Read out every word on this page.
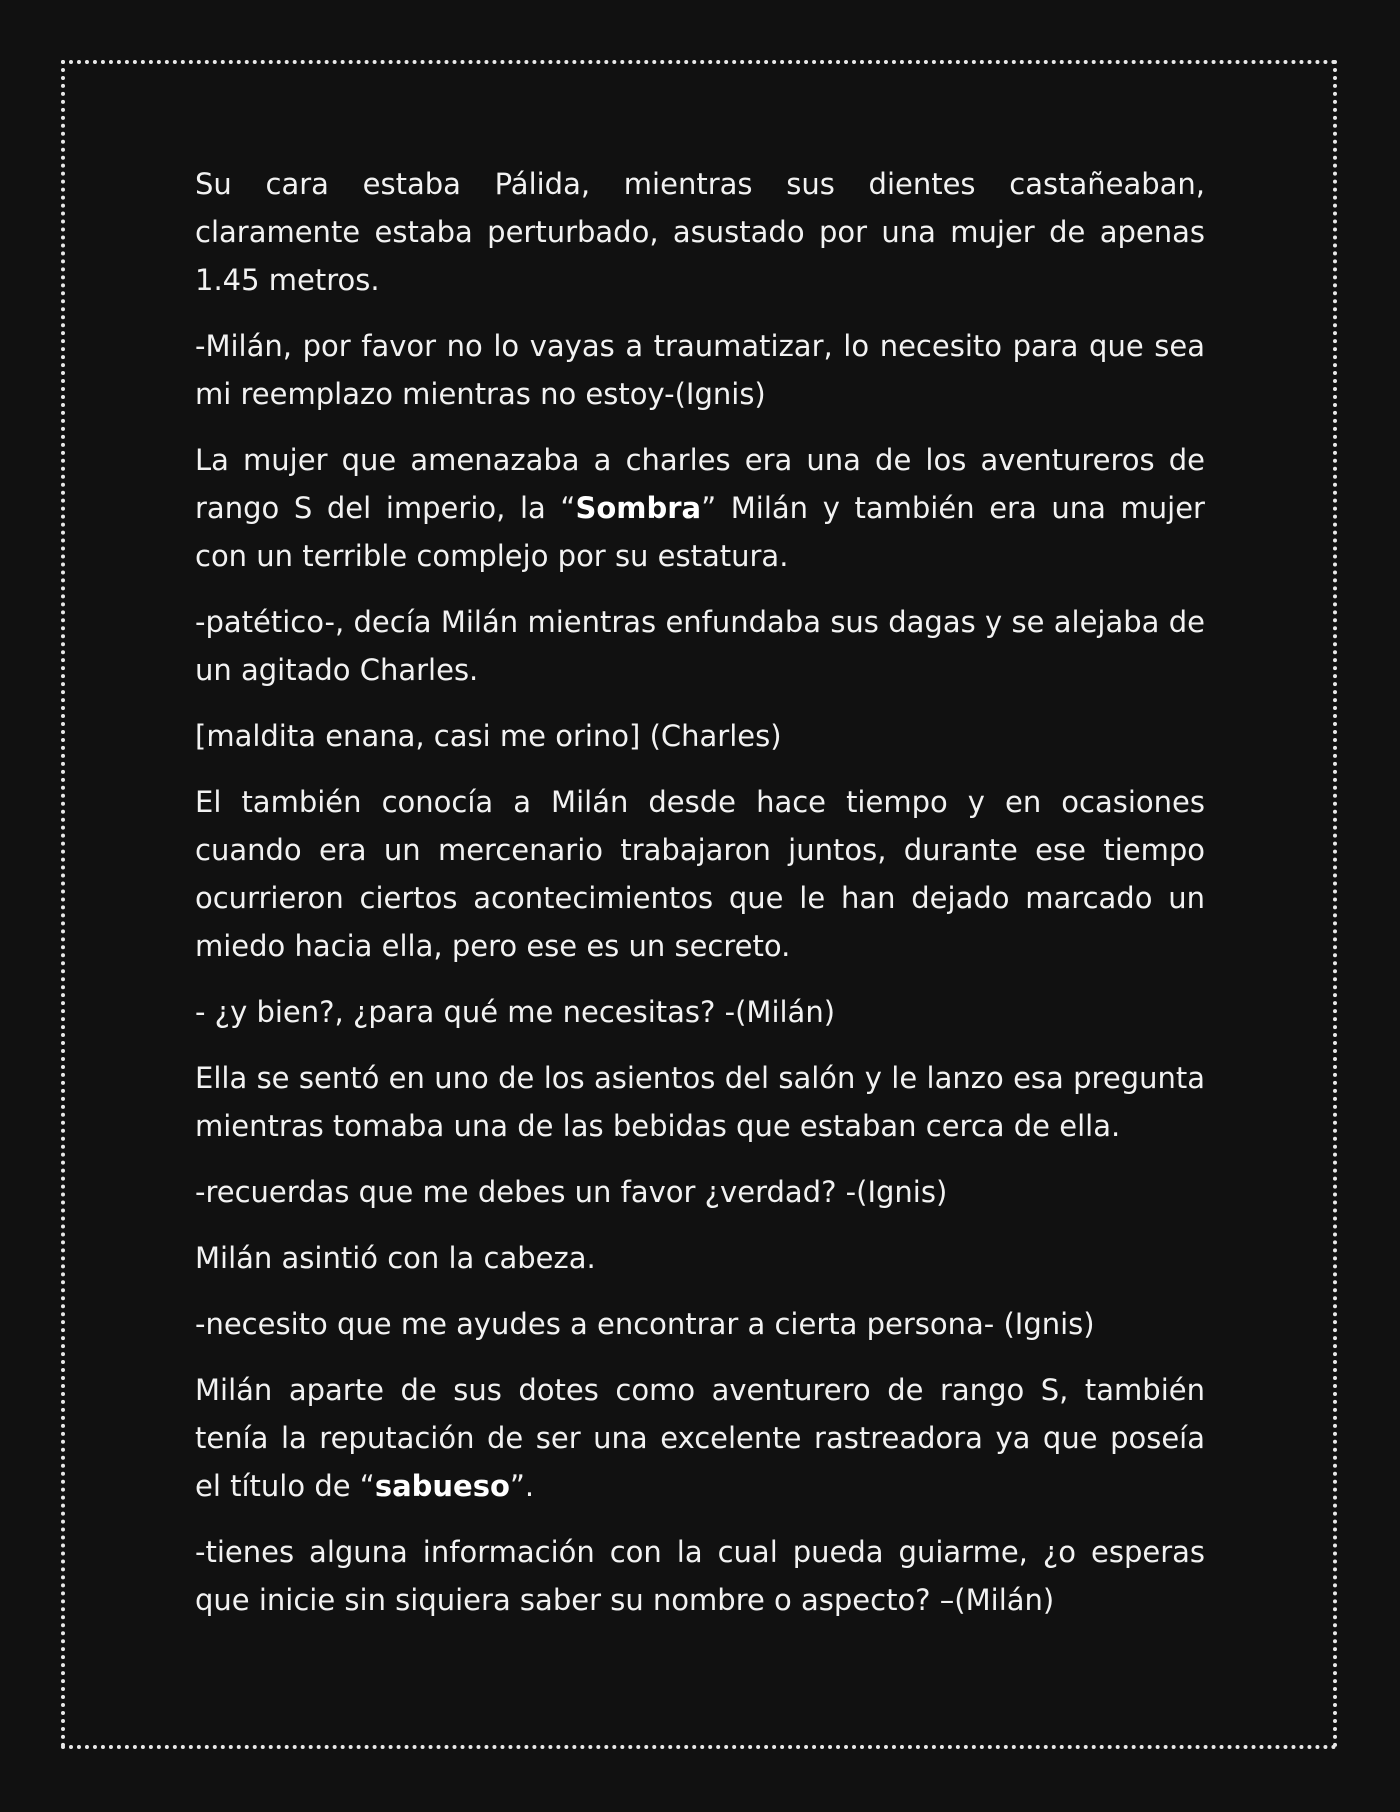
Su cara estaba Pálida, mientras sus dientes castañeaban, claramente estaba perturbado, asustado por una mujer de apenas 1.45 metros.

-Milán, por favor no lo vayas a traumatizar, lo necesito para que sea mi reemplazo mientras no estoy-(Ignis)

La mujer que amenazaba a charles era una de los aventureros de rango S del imperio, la “Sombra” Milán y también era una mujer con un terrible complejo por su estatura.

-patético-, decía Milán mientras enfundaba sus dagas y se alejaba de un agitado Charles.

[maldita enana, casi me orino] (Charles)

El también conocía a Milán desde hace tiempo y en ocasiones cuando era un mercenario trabajaron juntos, durante ese tiempo ocurrieron ciertos acontecimientos que le han dejado marcado un miedo hacia ella, pero ese es un secreto.

- ¿y bien?, ¿para qué me necesitas? -(Milán)

Ella se sentó en uno de los asientos del salón y le lanzo esa pregunta mientras tomaba una de las bebidas que estaban cerca de ella.

-recuerdas que me debes un favor ¿verdad? -(Ignis)

Milán asintió con la cabeza.

-necesito que me ayudes a encontrar a cierta persona- (Ignis)

Milán aparte de sus dotes como aventurero de rango S, también tenía la reputación de ser una excelente rastreadora ya que poseía el título de “sabueso”.

-tienes alguna información con la cual pueda guiarme, ¿o esperas que inicie sin siquiera saber su nombre o aspecto? –(Milán)
